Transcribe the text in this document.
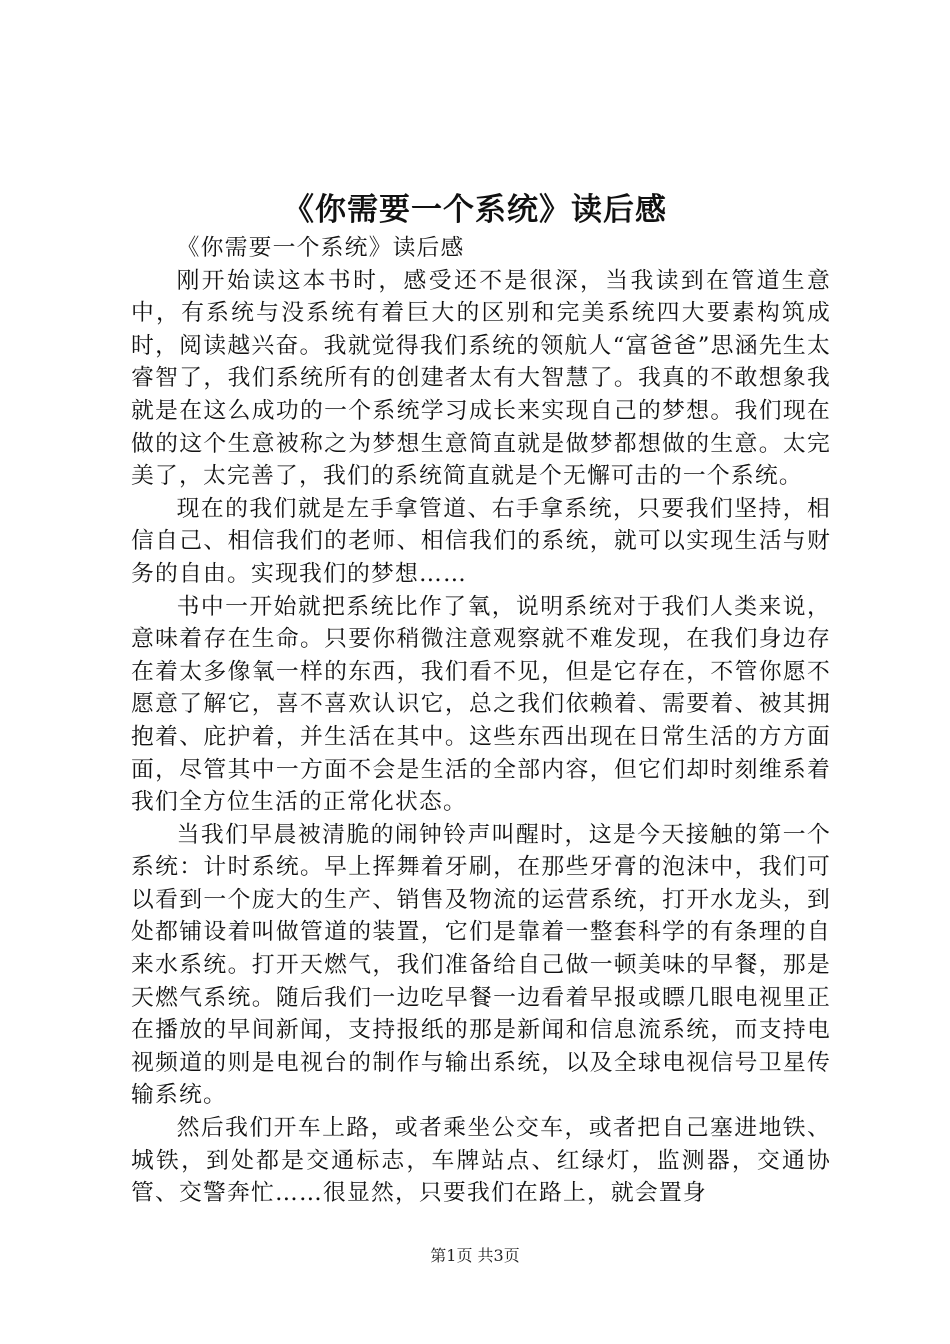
《你需要一个系统》读后感

《你需要一个系统》读后感

刚开始读这本书时，感受还不是很深，当我读到在管道生意中，有系统与没系统有着巨大的区别和完美系统四大要素构筑成时，阅读越兴奋。我就觉得我们系统的领航人“富爸爸”思涵先生太睿智了，我们系统所有的创建者太有大智慧了。我真的不敢想象我就是在这么成功的一个系统学习成长来实现自己的梦想。我们现在做的这个生意被称之为梦想生意简直就是做梦都想做的生意。太完美了，太完善了，我们的系统简直就是个无懈可击的一个系统。

现在的我们就是左手拿管道、右手拿系统，只要我们坚持，相信自己、相信我们的老师、相信我们的系统，就可以实现生活与财务的自由。实现我们的梦想……

书中一开始就把系统比作了氧，说明系统对于我们人类来说，意味着存在生命。只要你稍微注意观察就不难发现，在我们身边存在着太多像氧一样的东西，我们看不见，但是它存在，不管你愿不愿意了解它，喜不喜欢认识它，总之我们依赖着、需要着、被其拥抱着、庇护着，并生活在其中。这些东西出现在日常生活的方方面面，尽管其中一方面不会是生活的全部内容，但它们却时刻维系着我们全方位生活的正常化状态。

当我们早晨被清脆的闹钟铃声叫醒时，这是今天接触的第一个系统：计时系统。早上挥舞着牙刷，在那些牙膏的泡沫中，我们可以看到一个庞大的生产、销售及物流的运营系统，打开水龙头，到处都铺设着叫做管道的装置，它们是靠着一整套科学的有条理的自来水系统。打开天燃气，我们准备给自己做一顿美味的早餐，那是天燃气系统。随后我们一边吃早餐一边看着早报或瞟几眼电视里正在播放的早间新闻，支持报纸的那是新闻和信息流系统，而支持电视频道的则是电视台的制作与输出系统，以及全球电视信号卫星传输系统。

然后我们开车上路，或者乘坐公交车，或者把自己塞进地铁、城铁，到处都是交通标志，车牌站点、红绿灯，监测器，交通协管、交警奔忙……很显然，只要我们在路上，就会置身

第1页 共3页
